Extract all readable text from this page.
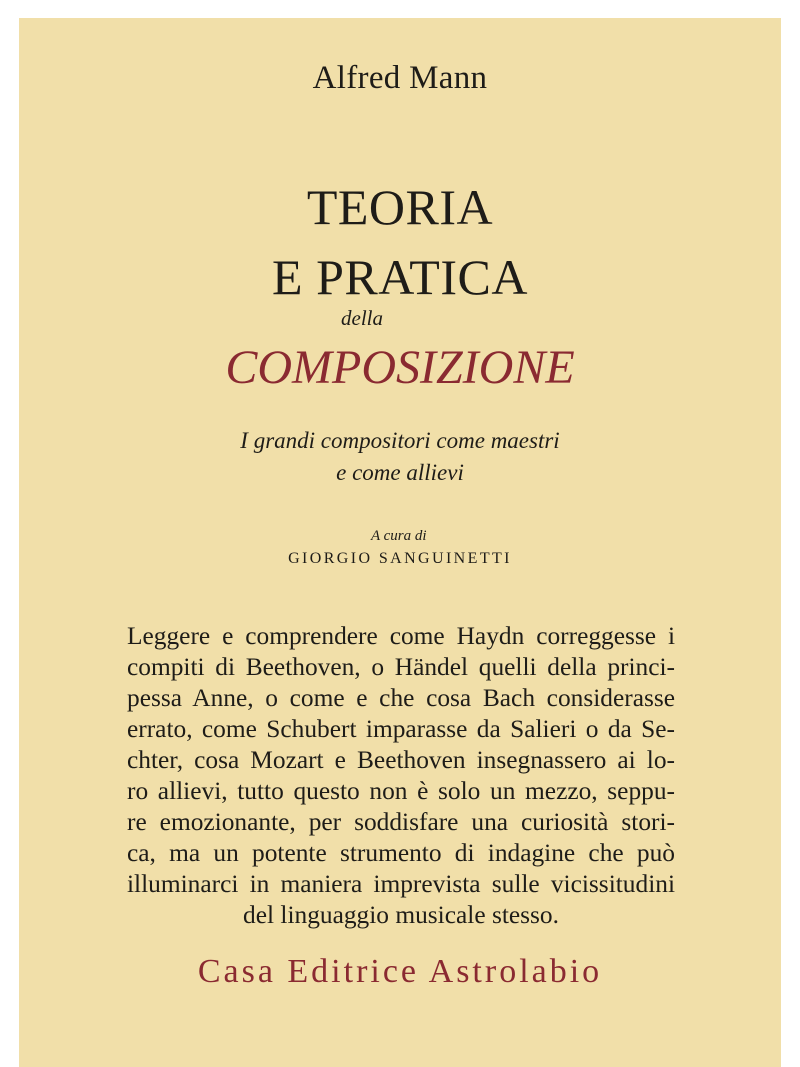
Alfred Mann

TEORIA
E PRATICA

della

COMPOSIZIONE

I grandi compositori come maestri

e come allievi

A cura di

GIORGIO SANGUINETTI

Leggere e comprendere come Haydn correggesse i
compiti di Beethoven, o Händel quelli della princi-
pessa Anne, o come e che cosa Bach considerasse
errato, come Schubert imparasse da Salieri o da Se-
chter, cosa Mozart e Beethoven insegnassero ai lo-
ro allievi, tutto questo non è solo un mezzo, seppu-
re emozionante, per soddisfare una curiosità stori-
ca, ma un potente strumento di indagine che può
illuminarci in maniera imprevista sulle vicissitudini
del linguaggio musicale stesso.

Casa Editrice Astrolabio
